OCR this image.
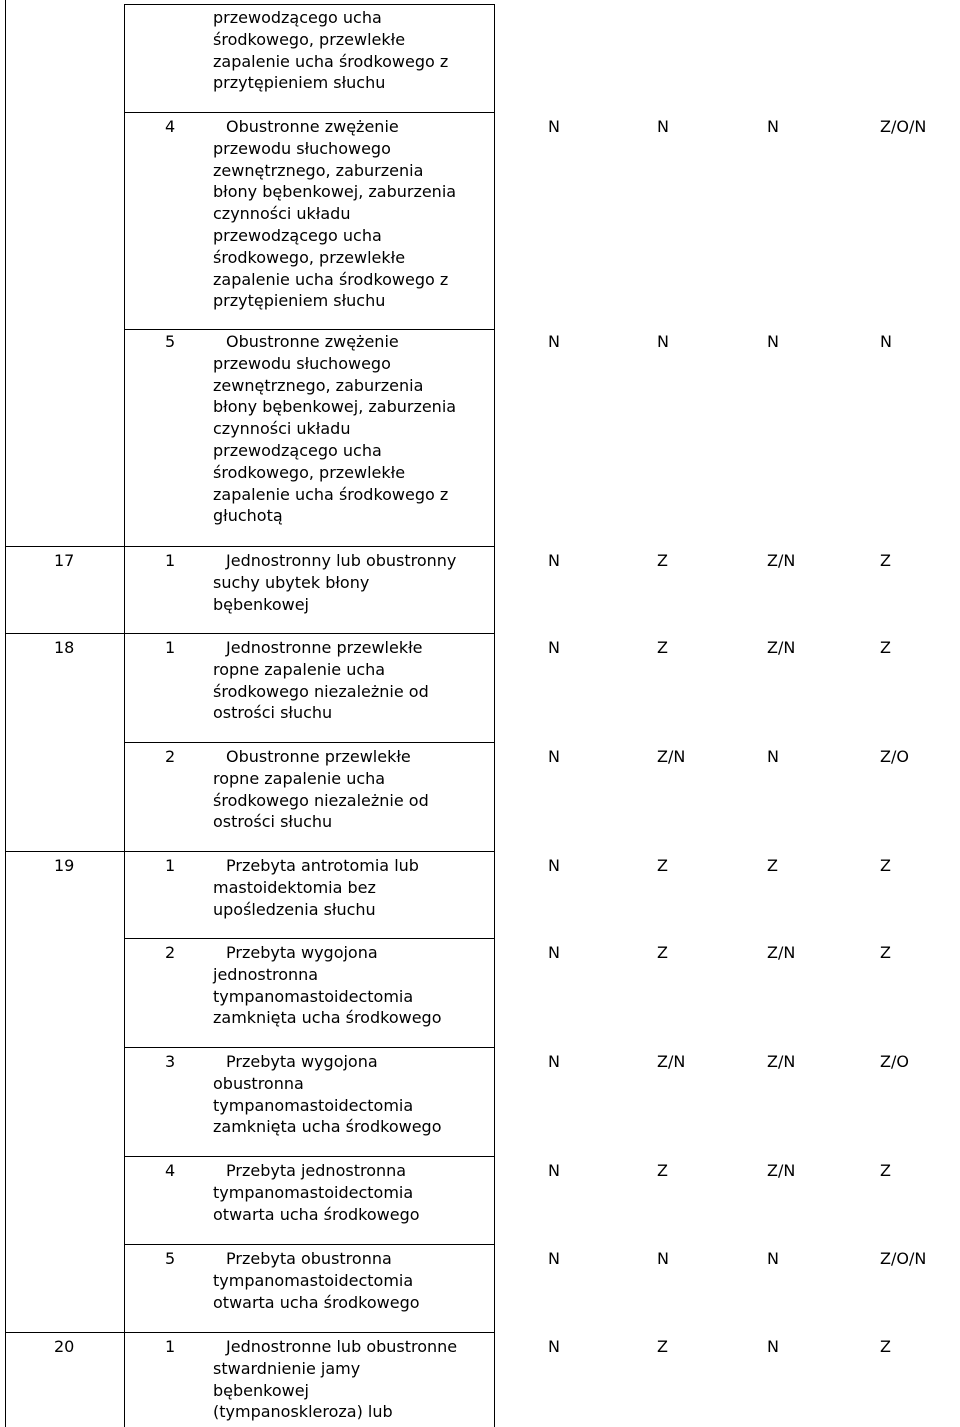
przewodzącego ucha
środkowego, przewlekłe
zapalenie ucha środkowego z
przytępieniem słuchu
4	Obustronne zwężenie
przewodu słuchowego
zewnętrznego, zaburzenia
błony bębenkowej, zaburzenia
czynności układu
przewodzącego ucha
środkowego, przewlekłe
zapalenie ucha środkowego z
przytępieniem słuchu
N	N	N	Z/O/N
5	Obustronne zwężenie
przewodu słuchowego
zewnętrznego, zaburzenia
błony bębenkowej, zaburzenia
czynności układu
przewodzącego ucha
środkowego, przewlekłe
zapalenie ucha środkowego z
głuchotą
N	N	N	N
17	1	Jednostronny lub obustronny
suchy ubytek błony
bębenkowej
N	Z	Z/N	Z
18	1	Jednostronne przewlekłe
ropne zapalenie ucha
środkowego niezależnie od
ostrości słuchu
N	Z	Z/N	Z
2	Obustronne przewlekłe
ropne zapalenie ucha
środkowego niezależnie od
ostrości słuchu
N	Z/N	N	Z/O
19	1	Przebyta antrotomia lub
mastoidektomia bez
upośledzenia słuchu
N	Z	Z	Z
2	Przebyta wygojona
jednostronna
tympanomastoidectomia
zamknięta ucha środkowego
N	Z	Z/N	Z
3	Przebyta wygojona
obustronna
tympanomastoidectomia
zamknięta ucha środkowego
N	Z/N	Z/N	Z/O
4	Przebyta jednostronna
tympanomastoidectomia
otwarta ucha środkowego
N	Z	Z/N	Z
5	Przebyta obustronna
tympanomastoidectomia
otwarta ucha środkowego
N	N	N	Z/O/N
20	1	Jednostronne lub obustronne
stwardnienie jamy
bębenkowej
(tympanoskleroza) lub
N	Z	N	Z
